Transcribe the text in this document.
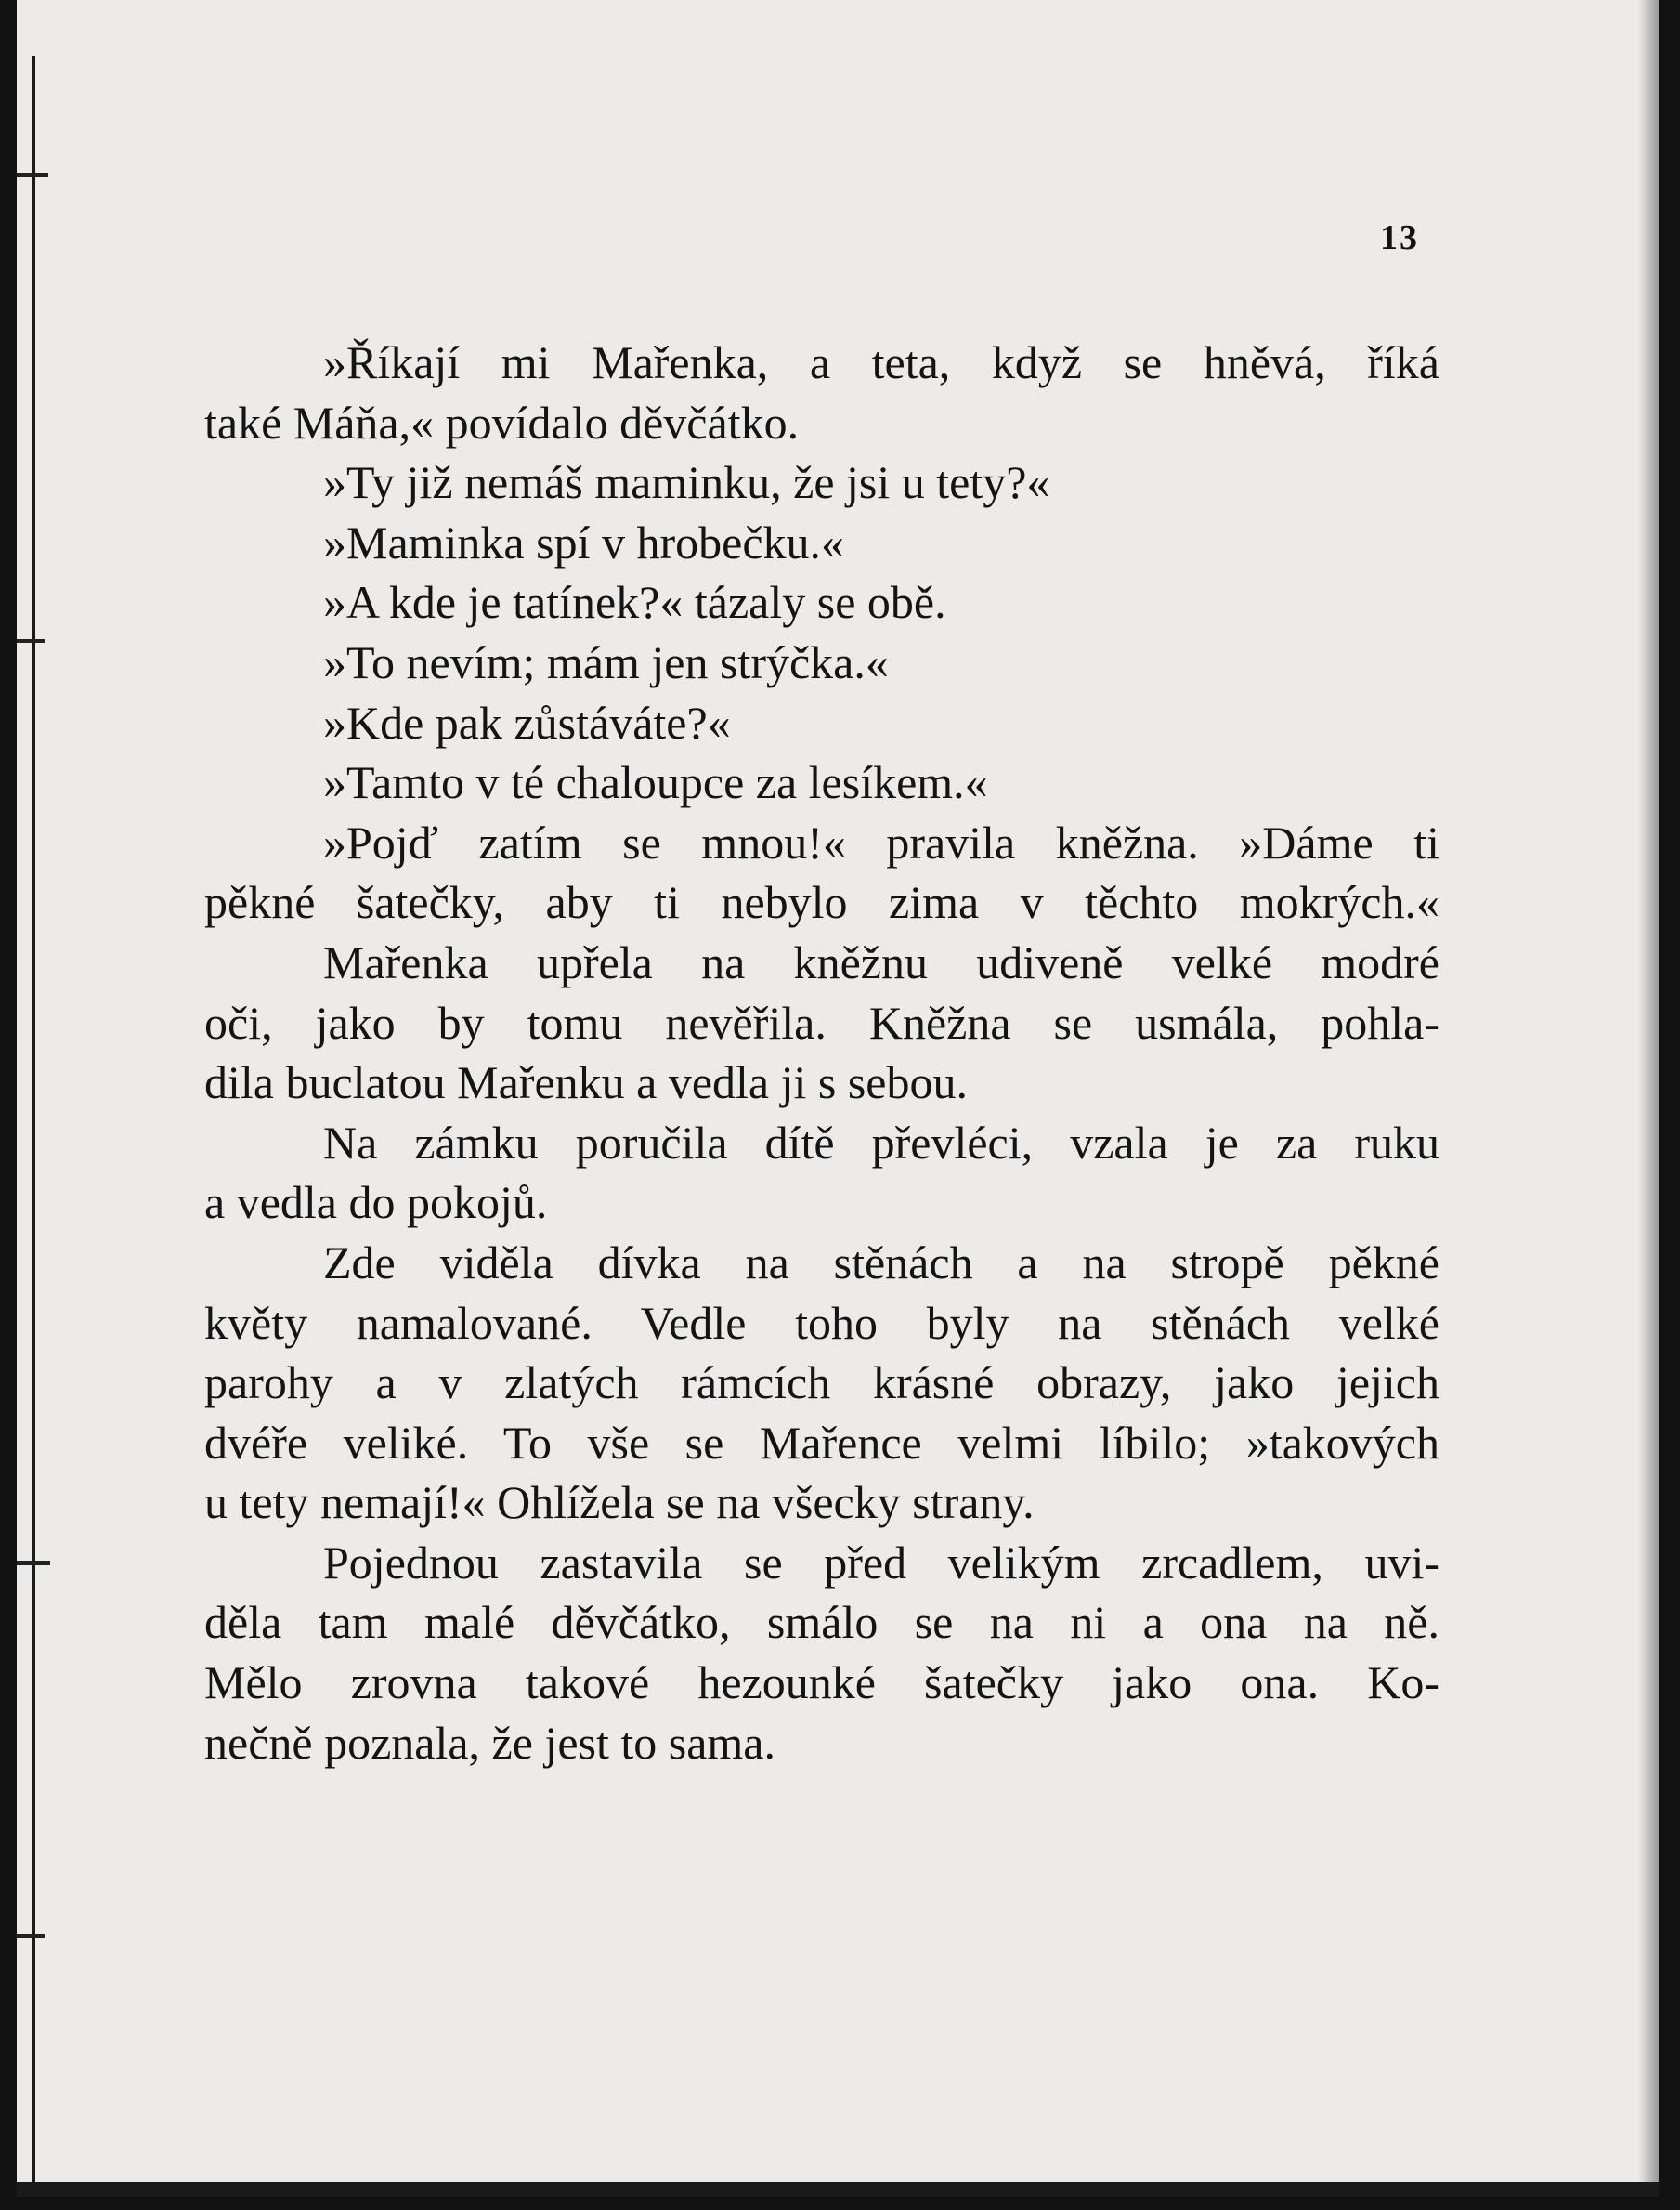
13
»Říkají mi Mařenka, a teta, když se hněvá, říká
také Máňa,« povídalo děvčátko.
»Ty již nemáš maminku, že jsi u tety?«
»Maminka spí v hrobečku.«
»A kde je tatínek?« tázaly se obě.
»To nevím; mám jen strýčka.«
»Kde pak zůstáváte?«
»Tamto v té chaloupce za lesíkem.«
»Pojď zatím se mnou!« pravila kněžna. »Dáme ti
pěkné šatečky, aby ti nebylo zima v těchto mokrých.«
Mařenka upřela na kněžnu udiveně velké modré
oči, jako by tomu nevěřila. Kněžna se usmála, pohla-
dila buclatou Mařenku a vedla ji s sebou.
Na zámku poručila dítě převléci, vzala je za ruku
a vedla do pokojů.
Zde viděla dívka na stěnách a na stropě pěkné
květy namalované. Vedle toho byly na stěnách velké
parohy a v zlatých rámcích krásné obrazy, jako jejich
dvéře veliké. To vše se Mařence velmi líbilo; »takových
u tety nemají!« Ohlížela se na všecky strany.
Pojednou zastavila se před velikým zrcadlem, uvi-
děla tam malé děvčátko, smálo se na ni a ona na ně.
Mělo zrovna takové hezounké šatečky jako ona. Ko-
nečně poznala, že jest to sama.
